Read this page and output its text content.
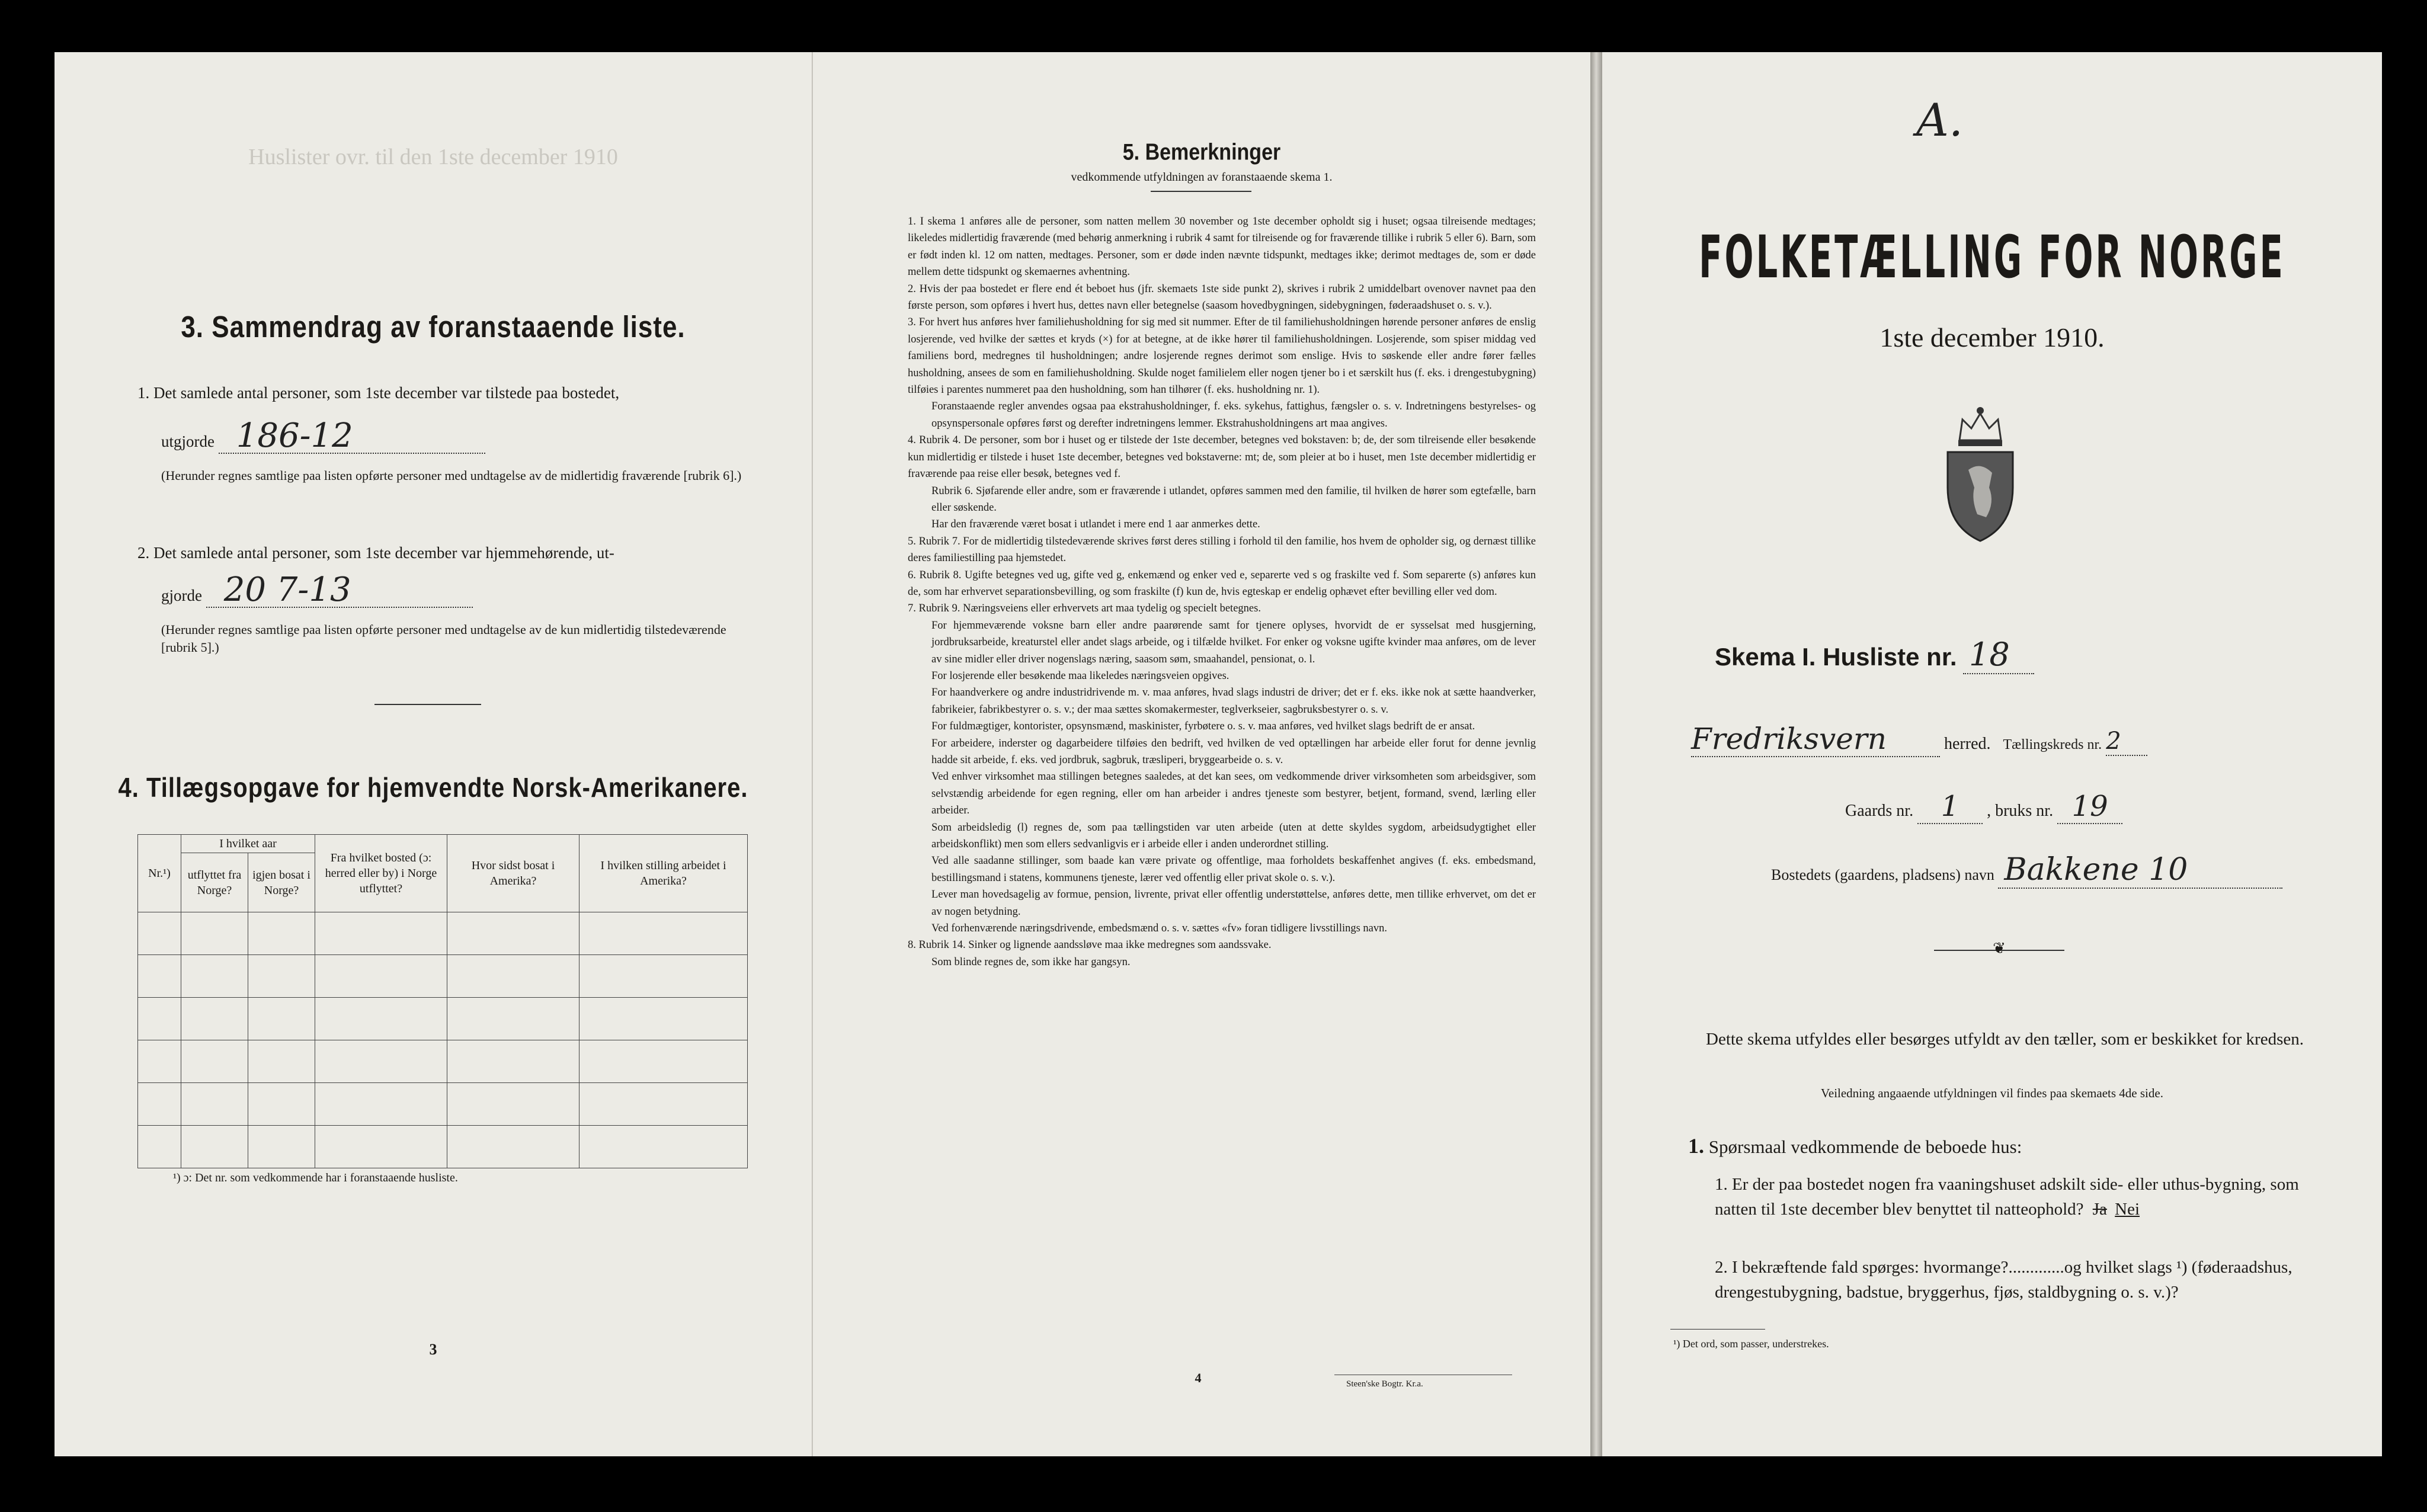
Huslister ovr. til den 1ste december 1910
3. Sammendrag av foranstaaende liste.
1. Det samlede antal personer, som 1ste december var tilstede paa bostedet,
utgjorde 186-12
(Herunder regnes samtlige paa listen opførte personer med undtagelse av de midlertidig fraværende [rubrik 6].)
2. Det samlede antal personer, som 1ste december var hjemmehørende, ut-
gjorde 20 7-13
(Herunder regnes samtlige paa listen opførte personer med undtagelse av de kun midlertidig tilstedeværende [rubrik 5].)
4. Tillægsopgave for hjemvendte Norsk-Amerikanere.
Nr.¹)	I hvilket aar		Fra hvilket bosted (ɔ: herred eller by) i Norge utflyttet?	Hvor sidst bosat i Amerika?	I hvilken stilling arbeidet i Amerika?
	utflyttet fra Norge?	igjen bosat i Norge?			

¹) ɔ: Det nr. som vedkommende har i foranstaaende husliste.
3
5. Bemerkninger
vedkommende utfyldningen av foranstaaende skema 1.

1. I skema 1 anføres alle de personer, som natten mellem 30 november og 1ste december opholdt sig i huset; ogsaa tilreisende medtages; likeledes midlertidig fraværende (med behørig anmerkning i rubrik 4 samt for tilreisende og for fraværende tillike i rubrik 5 eller 6). Barn, som er født inden kl. 12 om natten, medtages. Personer, som er døde inden nævnte tidspunkt, medtages ikke; derimot medtages de, som er døde mellem dette tidspunkt og skemaernes avhentning.

2. Hvis der paa bostedet er flere end ét beboet hus (jfr. skemaets 1ste side punkt 2), skrives i rubrik 2 umiddelbart ovenover navnet paa den første person, som opføres i hvert hus, dettes navn eller betegnelse (saasom hovedbygningen, sidebygningen, føderaadshuset o. s. v.).

3. For hvert hus anføres hver familiehusholdning for sig med sit nummer. Efter de til familiehusholdningen hørende personer anføres de enslig losjerende, ved hvilke der sættes et kryds (×) for at betegne, at de ikke hører til familiehusholdningen. Losjerende, som spiser middag ved familiens bord, medregnes til husholdningen; andre losjerende regnes derimot som enslige. Hvis to søskende eller andre fører fælles husholdning, ansees de som en familiehusholdning. Skulde noget familielem eller nogen tjener bo i et særskilt hus (f. eks. i drengestubygning) tilføies i parentes nummeret paa den husholdning, som han tilhører (f. eks. husholdning nr. 1).

Foranstaaende regler anvendes ogsaa paa ekstrahusholdninger, f. eks. sykehus, fattighus, fængsler o. s. v. Indretningens bestyrelses- og opsynspersonale opføres først og derefter indretningens lemmer. Ekstrahusholdningens art maa angives.

4. Rubrik 4. De personer, som bor i huset og er tilstede der 1ste december, betegnes ved bokstaven: b; de, der som tilreisende eller besøkende kun midlertidig er tilstede i huset 1ste december, betegnes ved bokstaverne: mt; de, som pleier at bo i huset, men 1ste december midlertidig er fraværende paa reise eller besøk, betegnes ved f.

Rubrik 6. Sjøfarende eller andre, som er fraværende i utlandet, opføres sammen med den familie, til hvilken de hører som egtefælle, barn eller søskende.

Har den fraværende været bosat i utlandet i mere end 1 aar anmerkes dette.

5. Rubrik 7. For de midlertidig tilstedeværende skrives først deres stilling i forhold til den familie, hos hvem de opholder sig, og dernæst tillike deres familiestilling paa hjemstedet.

6. Rubrik 8. Ugifte betegnes ved ug, gifte ved g, enkemænd og enker ved e, separerte ved s og fraskilte ved f. Som separerte (s) anføres kun de, som har erhvervet separationsbevilling, og som fraskilte (f) kun de, hvis egteskap er endelig ophævet efter bevilling eller ved dom.

7. Rubrik 9. Næringsveiens eller erhvervets art maa tydelig og specielt betegnes.

For hjemmeværende voksne barn eller andre paarørende samt for tjenere oplyses, hvorvidt de er sysselsat med husgjerning, jordbruksarbeide, kreaturstel eller andet slags arbeide, og i tilfælde hvilket. For enker og voksne ugifte kvinder maa anføres, om de lever av sine midler eller driver nogenslags næring, saasom søm, smaahandel, pensionat, o. l.

For losjerende eller besøkende maa likeledes næringsveien opgives.

For haandverkere og andre industridrivende m. v. maa anføres, hvad slags industri de driver; det er f. eks. ikke nok at sætte haandverker, fabrikeier, fabrikbestyrer o. s. v.; der maa sættes skomakermester, teglverkseier, sagbruksbestyrer o. s. v.

For fuldmægtiger, kontorister, opsynsmænd, maskinister, fyrbøtere o. s. v. maa anføres, ved hvilket slags bedrift de er ansat.

For arbeidere, inderster og dagarbeidere tilføies den bedrift, ved hvilken de ved optællingen har arbeide eller forut for denne jevnlig hadde sit arbeide, f. eks. ved jordbruk, sagbruk, træsliperi, bryggearbeide o. s. v.

Ved enhver virksomhet maa stillingen betegnes saaledes, at det kan sees, om vedkommende driver virksomheten som arbeidsgiver, som selvstændig arbeidende for egen regning, eller om han arbeider i andres tjeneste som bestyrer, betjent, formand, svend, lærling eller arbeider.

Som arbeidsledig (l) regnes de, som paa tællingstiden var uten arbeide (uten at dette skyldes sygdom, arbeidsudygtighet eller arbeidskonflikt) men som ellers sedvanligvis er i arbeide eller i anden underordnet stilling.

Ved alle saadanne stillinger, som baade kan være private og offentlige, maa forholdets beskaffenhet angives (f. eks. embedsmand, bestillingsmand i statens, kommunens tjeneste, lærer ved offentlig eller privat skole o. s. v.).

Lever man hovedsagelig av formue, pension, livrente, privat eller offentlig understøttelse, anføres dette, men tillike erhvervet, om det er av nogen betydning.

Ved forhenværende næringsdrivende, embedsmænd o. s. v. sættes «fv» foran tidligere livsstillings navn.

8. Rubrik 14. Sinker og lignende aandssløve maa ikke medregnes som aandssvake.

Som blinde regnes de, som ikke har gangsyn.

4	Steen'ske Bogtr. Kr.a.
A.
FOLKETÆLLING FOR NORGE
1ste december 1910.
Skema I. Husliste nr. 18
Fredriksvern	herred. Tællingskreds nr. 2
Gaards nr. 1 , bruks nr. 19
Bostedets (gaardens, pladsens) navn Bakkene 10
❦
Dette skema utfyldes eller besørges utfyldt av den tæller, som er beskikket for kredsen.
Veiledning angaaende utfyldningen vil findes paa skemaets 4de side.
1. Spørsmaal vedkommende de beboede hus:
1. Er der paa bostedet nogen fra vaaningshuset adskilt side- eller uthus-bygning, som natten til 1ste december blev benyttet til natteophold? Ja Nei
2. I bekræftende fald spørges: hvormange?.............og hvilket slags ¹) (føderaadshus, drengestubygning, badstue, bryggerhus, fjøs, staldbygning o. s. v.)?
¹) Det ord, som passer, understrekes.
